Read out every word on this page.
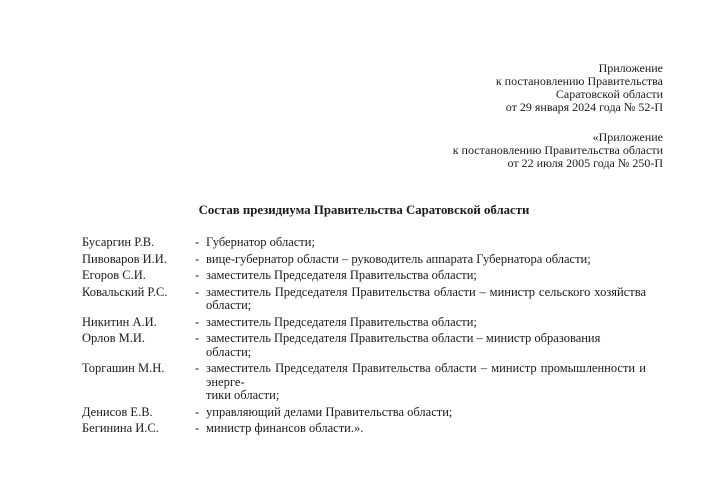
Приложение
к постановлению Правительства
Саратовской области
от 29 января 2024 года № 52-П
«Приложение
к постановлению Правительства области
от 22 июля 2005 года № 250-П
Состав президиума Правительства Саратовской области
Бусаргин Р.В.	- Губернатор области;
Пивоваров И.И.	- вице-губернатор области – руководитель аппарата Губернатора области;
Егоров С.И.	- заместитель Председателя Правительства области;
Ковальский Р.С.	- заместитель Председателя Правительства области – министр сельского хозяйства
области;
Никитин А.И.	- заместитель Председателя Правительства области;
Орлов М.И.	- заместитель Председателя Правительства области – министр образования области;
Торгашин М.Н.	- заместитель Председателя Правительства области – министр промышленности и энерге-
тики области;
Денисов Е.В.	- управляющий делами Правительства области;
Бегинина И.С.	- министр финансов области.».
